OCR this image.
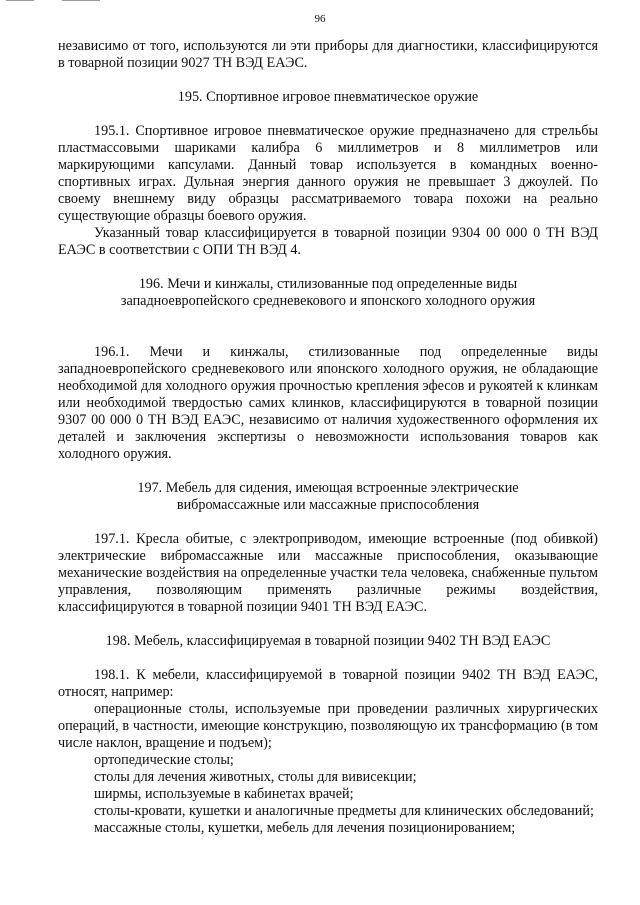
96

независимо от того, используются ли эти приборы для диагностики, классифицируются в товарной позиции 9027 ТН ВЭД ЕАЭС.

195. Спортивное игровое пневматическое оружие

195.1. Спортивное игровое пневматическое оружие предназначено для стрельбы пластмассовыми шариками калибра 6 миллиметров и 8 миллиметров или маркирующими капсулами. Данный товар используется в командных военно-спортивных играх. Дульная энергия данного оружия не превышает 3 джоулей. По своему внешнему виду образцы рассматриваемого товара похожи на реально существующие образцы боевого оружия.

Указанный товар классифицируется в товарной позиции 9304 00 000 0 ТН ВЭД ЕАЭС в соответствии с ОПИ ТН ВЭД 4.

196. Мечи и кинжалы, стилизованные под определенные виды

западноевропейского средневекового и японского холодного оружия

196.1. Мечи и кинжалы, стилизованные под определенные виды западноевропейского средневекового или японского холодного оружия, не обладающие необходимой для холодного оружия прочностью крепления эфесов и рукоятей к клинкам или необходимой твердостью самих клинков, классифицируются в товарной позиции 9307 00 000 0 ТН ВЭД ЕАЭС, независимо от наличия художественного оформления их деталей и заключения экспертизы о невозможности использования товаров как холодного оружия.

197. Мебель для сидения, имеющая встроенные электрические

вибромассажные или массажные приспособления

197.1. Кресла обитые, с электроприводом, имеющие встроенные (под обивкой) электрические вибромассажные или массажные приспособления, оказывающие механические воздействия на определенные участки тела человека, снабженные пультом управления, позволяющим применять различные режимы воздействия, классифицируются в товарной позиции 9401 ТН ВЭД ЕАЭС.

198. Мебель, классифицируемая в товарной позиции 9402 ТН ВЭД ЕАЭС

198.1. К мебели, классифицируемой в товарной позиции 9402 ТН ВЭД ЕАЭС, относят, например:

операционные столы, используемые при проведении различных хирургических операций, в частности, имеющие конструкцию, позволяющую их трансформацию (в том числе наклон, вращение и подъем);

ортопедические столы;

столы для лечения животных, столы для вивисекции;

ширмы, используемые в кабинетах врачей;

столы-кровати, кушетки и аналогичные предметы для клинических обследований;

массажные столы, кушетки, мебель для лечения позиционированием;
